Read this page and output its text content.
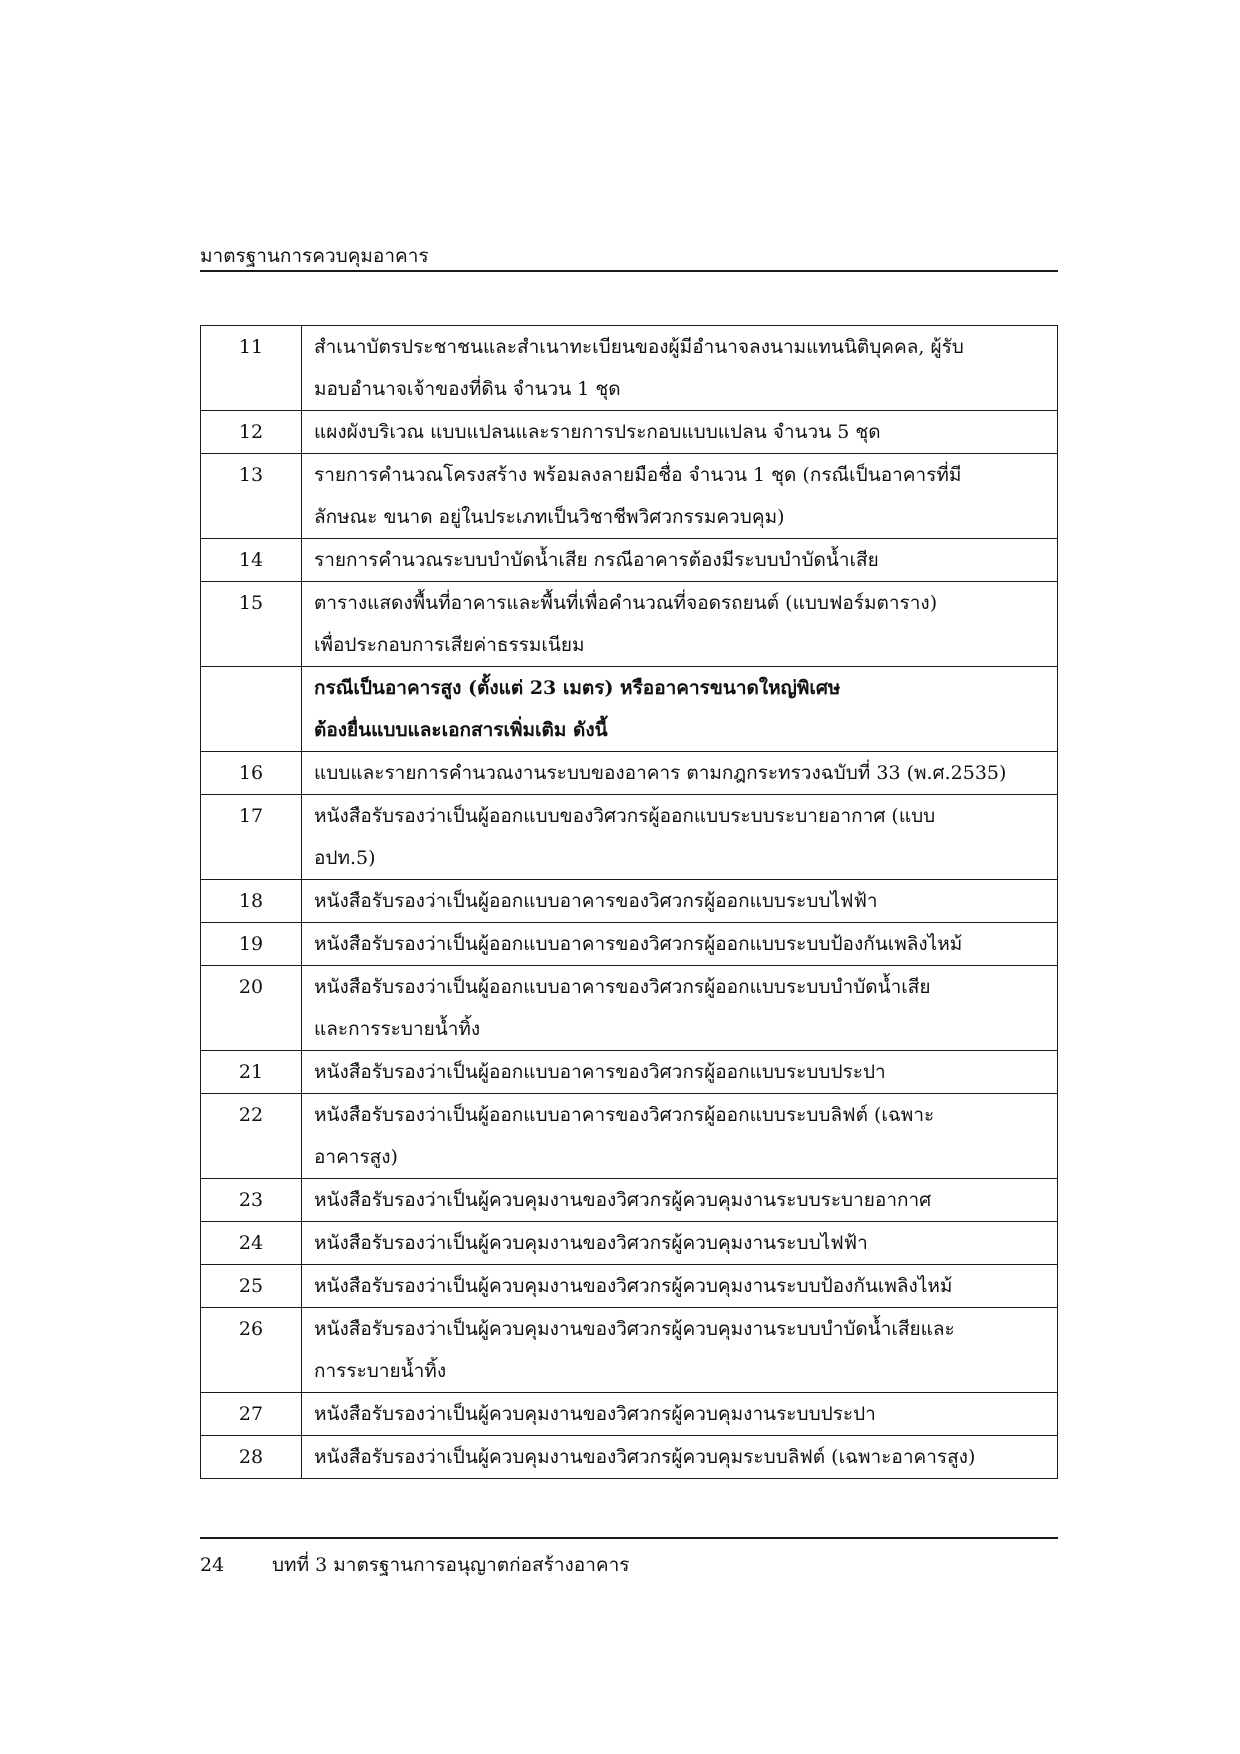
มาตรฐานการควบคุมอาคาร
11	สำเนาบัตรประชาชนและสำเนาทะเบียนของผู้มีอำนาจลงนามแทนนิติบุคคล, ผู้รับ
มอบอำนาจเจ้าของที่ดิน จำนวน 1 ชุด

12	แผงผังบริเวณ แบบแปลนและรายการประกอบแบบแปลน จำนวน 5 ชุด

13	รายการคำนวณโครงสร้าง พร้อมลงลายมือชื่อ จำนวน 1 ชุด (กรณีเป็นอาคารที่มี
ลักษณะ ขนาด อยู่ในประเภทเป็นวิชาชีพวิศวกรรมควบคุม)

14	รายการคำนวณระบบบำบัดน้ำเสีย กรณีอาคารต้องมีระบบบำบัดน้ำเสีย

15	ตารางแสดงพื้นที่อาคารและพื้นที่เพื่อคำนวณที่จอดรถยนต์ (แบบฟอร์มตาราง)
เพื่อประกอบการเสียค่าธรรมเนียม

	กรณีเป็นอาคารสูง (ตั้งแต่ 23 เมตร) หรืออาคารขนาดใหญ่พิเศษ
ต้องยื่นแบบและเอกสารเพิ่มเติม ดังนี้

16	แบบและรายการคำนวณงานระบบของอาคาร ตามกฎกระทรวงฉบับที่ 33 (พ.ศ.2535)

17	หนังสือรับรองว่าเป็นผู้ออกแบบของวิศวกรผู้ออกแบบระบบระบายอากาศ (แบบ
อปท.5)

18	หนังสือรับรองว่าเป็นผู้ออกแบบอาคารของวิศวกรผู้ออกแบบระบบไฟฟ้า

19	หนังสือรับรองว่าเป็นผู้ออกแบบอาคารของวิศวกรผู้ออกแบบระบบป้องกันเพลิงไหม้

20	หนังสือรับรองว่าเป็นผู้ออกแบบอาคารของวิศวกรผู้ออกแบบระบบบำบัดน้ำเสีย
และการระบายน้ำทิ้ง

21	หนังสือรับรองว่าเป็นผู้ออกแบบอาคารของวิศวกรผู้ออกแบบระบบประปา

22	หนังสือรับรองว่าเป็นผู้ออกแบบอาคารของวิศวกรผู้ออกแบบระบบลิฟต์ (เฉพาะ
อาคารสูง)

23	หนังสือรับรองว่าเป็นผู้ควบคุมงานของวิศวกรผู้ควบคุมงานระบบระบายอากาศ

24	หนังสือรับรองว่าเป็นผู้ควบคุมงานของวิศวกรผู้ควบคุมงานระบบไฟฟ้า

25	หนังสือรับรองว่าเป็นผู้ควบคุมงานของวิศวกรผู้ควบคุมงานระบบป้องกันเพลิงไหม้

26	หนังสือรับรองว่าเป็นผู้ควบคุมงานของวิศวกรผู้ควบคุมงานระบบบำบัดน้ำเสียและ
การระบายน้ำทิ้ง

27	หนังสือรับรองว่าเป็นผู้ควบคุมงานของวิศวกรผู้ควบคุมงานระบบประปา

28	หนังสือรับรองว่าเป็นผู้ควบคุมงานของวิศวกรผู้ควบคุมระบบลิฟต์ (เฉพาะอาคารสูง)
24	บทที่ 3 มาตรฐานการอนุญาตก่อสร้างอาคาร
